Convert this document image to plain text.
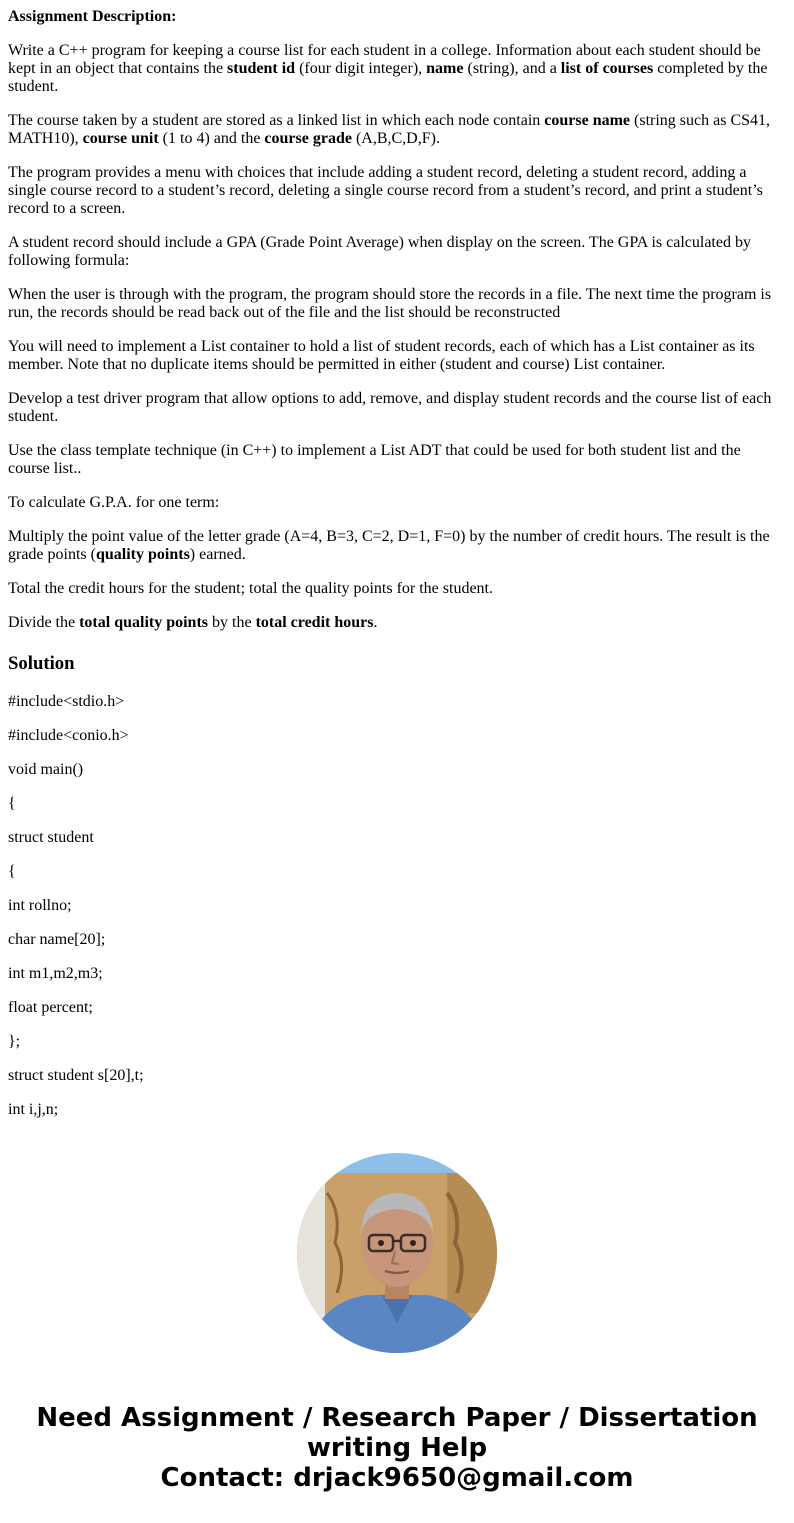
Assignment Description:

Write a C++ program for keeping a course list for each student in a college. Information about each student should be kept in an object that contains the student id (four digit integer), name (string), and a list of courses completed by the student.

The course taken by a student are stored as a linked list in which each node contain course name (string such as CS41, MATH10), course unit (1 to 4) and the course grade (A,B,C,D,F).

The program provides a menu with choices that include adding a student record, deleting a student record, adding a single course record to a student’s record, deleting a single course record from a student’s record, and print a student’s record to a screen.

A student record should include a GPA (Grade Point Average) when display on the screen. The GPA is calculated by following formula:

When the user is through with the program, the program should store the records in a file. The next time the program is run, the records should be read back out of the file and the list should be reconstructed

You will need to implement a List container to hold a list of student records, each of which has a List container as its member. Note that no duplicate items should be permitted in either (student and course) List container.

Develop a test driver program that allow options to add, remove, and display student records and the course list of each student.

Use the class template technique (in C++) to implement a List ADT that could be used for both student list and the course list..

To calculate G.P.A. for one term:

Multiply the point value of the letter grade (A=4, B=3, C=2, D=1, F=0) by the number of credit hours. The result is the grade points (quality points) earned.

Total the credit hours for the student; total the quality points for the student.

Divide the total quality points by the total credit hours.

Solution

#include<stdio.h>

#include<conio.h>

void main()

{

struct student

{

int rollno;

char name[20];

int m1,m2,m3;

float percent;

};

struct student s[20],t;

int i,j,n;

Need Assignment / Research Paper / Dissertation
writing Help
Contact: drjack9650@gmail.com
